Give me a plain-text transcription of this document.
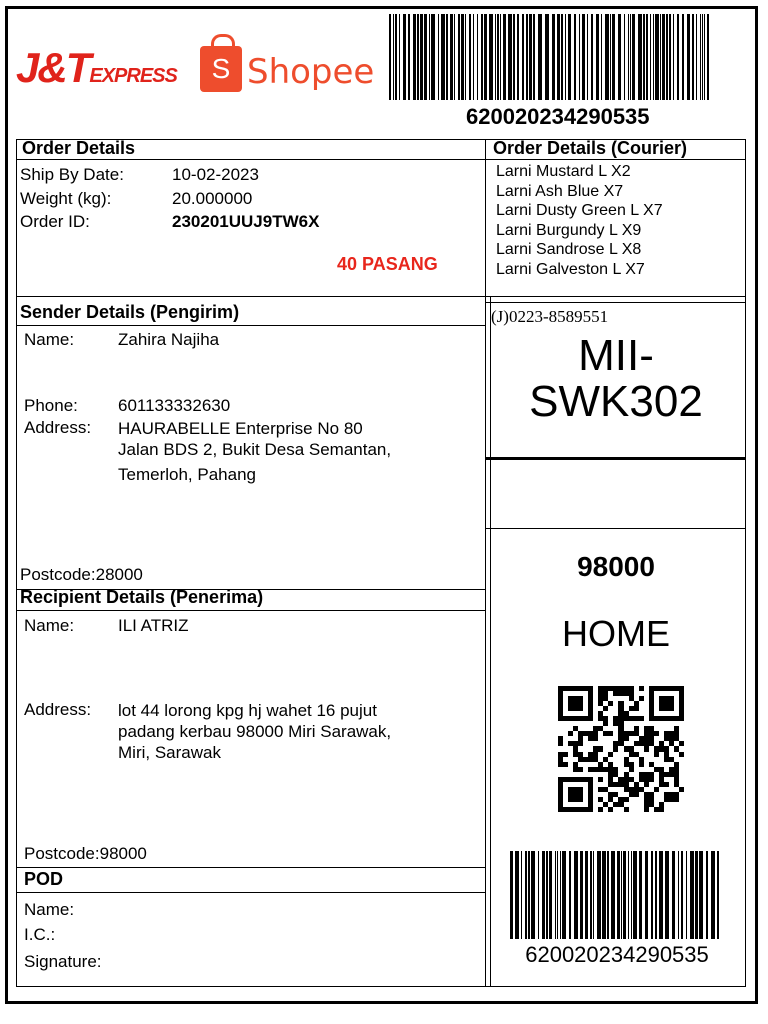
J&TEXPRESS	S Shopee
620020234290535
Order Details
Ship By Date:	10-02-2023
Weight (kg):	20.000000
Order ID:	230201UUJ9TW6X
40 PASANG
Order Details (Courier)
Larni Mustard L X2
Larni Ash Blue X7
Larni Dusty Green L X7
Larni Burgundy L X9
Larni Sandrose L X8
Larni Galveston L X7
Sender Details (Pengirim)
Name:	Zahira Najiha
Phone: 601133332630
Address: HAURABELLE Enterprise No 80
Jalan BDS 2, Bukit Desa Semantan,
Temerloh, Pahang
Postcode:28000
Recipient Details (Penerima)
Name:	ILI ATRIZ
Address: lot 44 lorong kpg hj wahet 16 pujut
padang kerbau 98000 Miri Sarawak,
Miri, Sarawak
Postcode:98000
POD
Name:
I.C.:
Signature:
(J)0223-8589551
MII-
SWK302
98000
HOME
620020234290535
